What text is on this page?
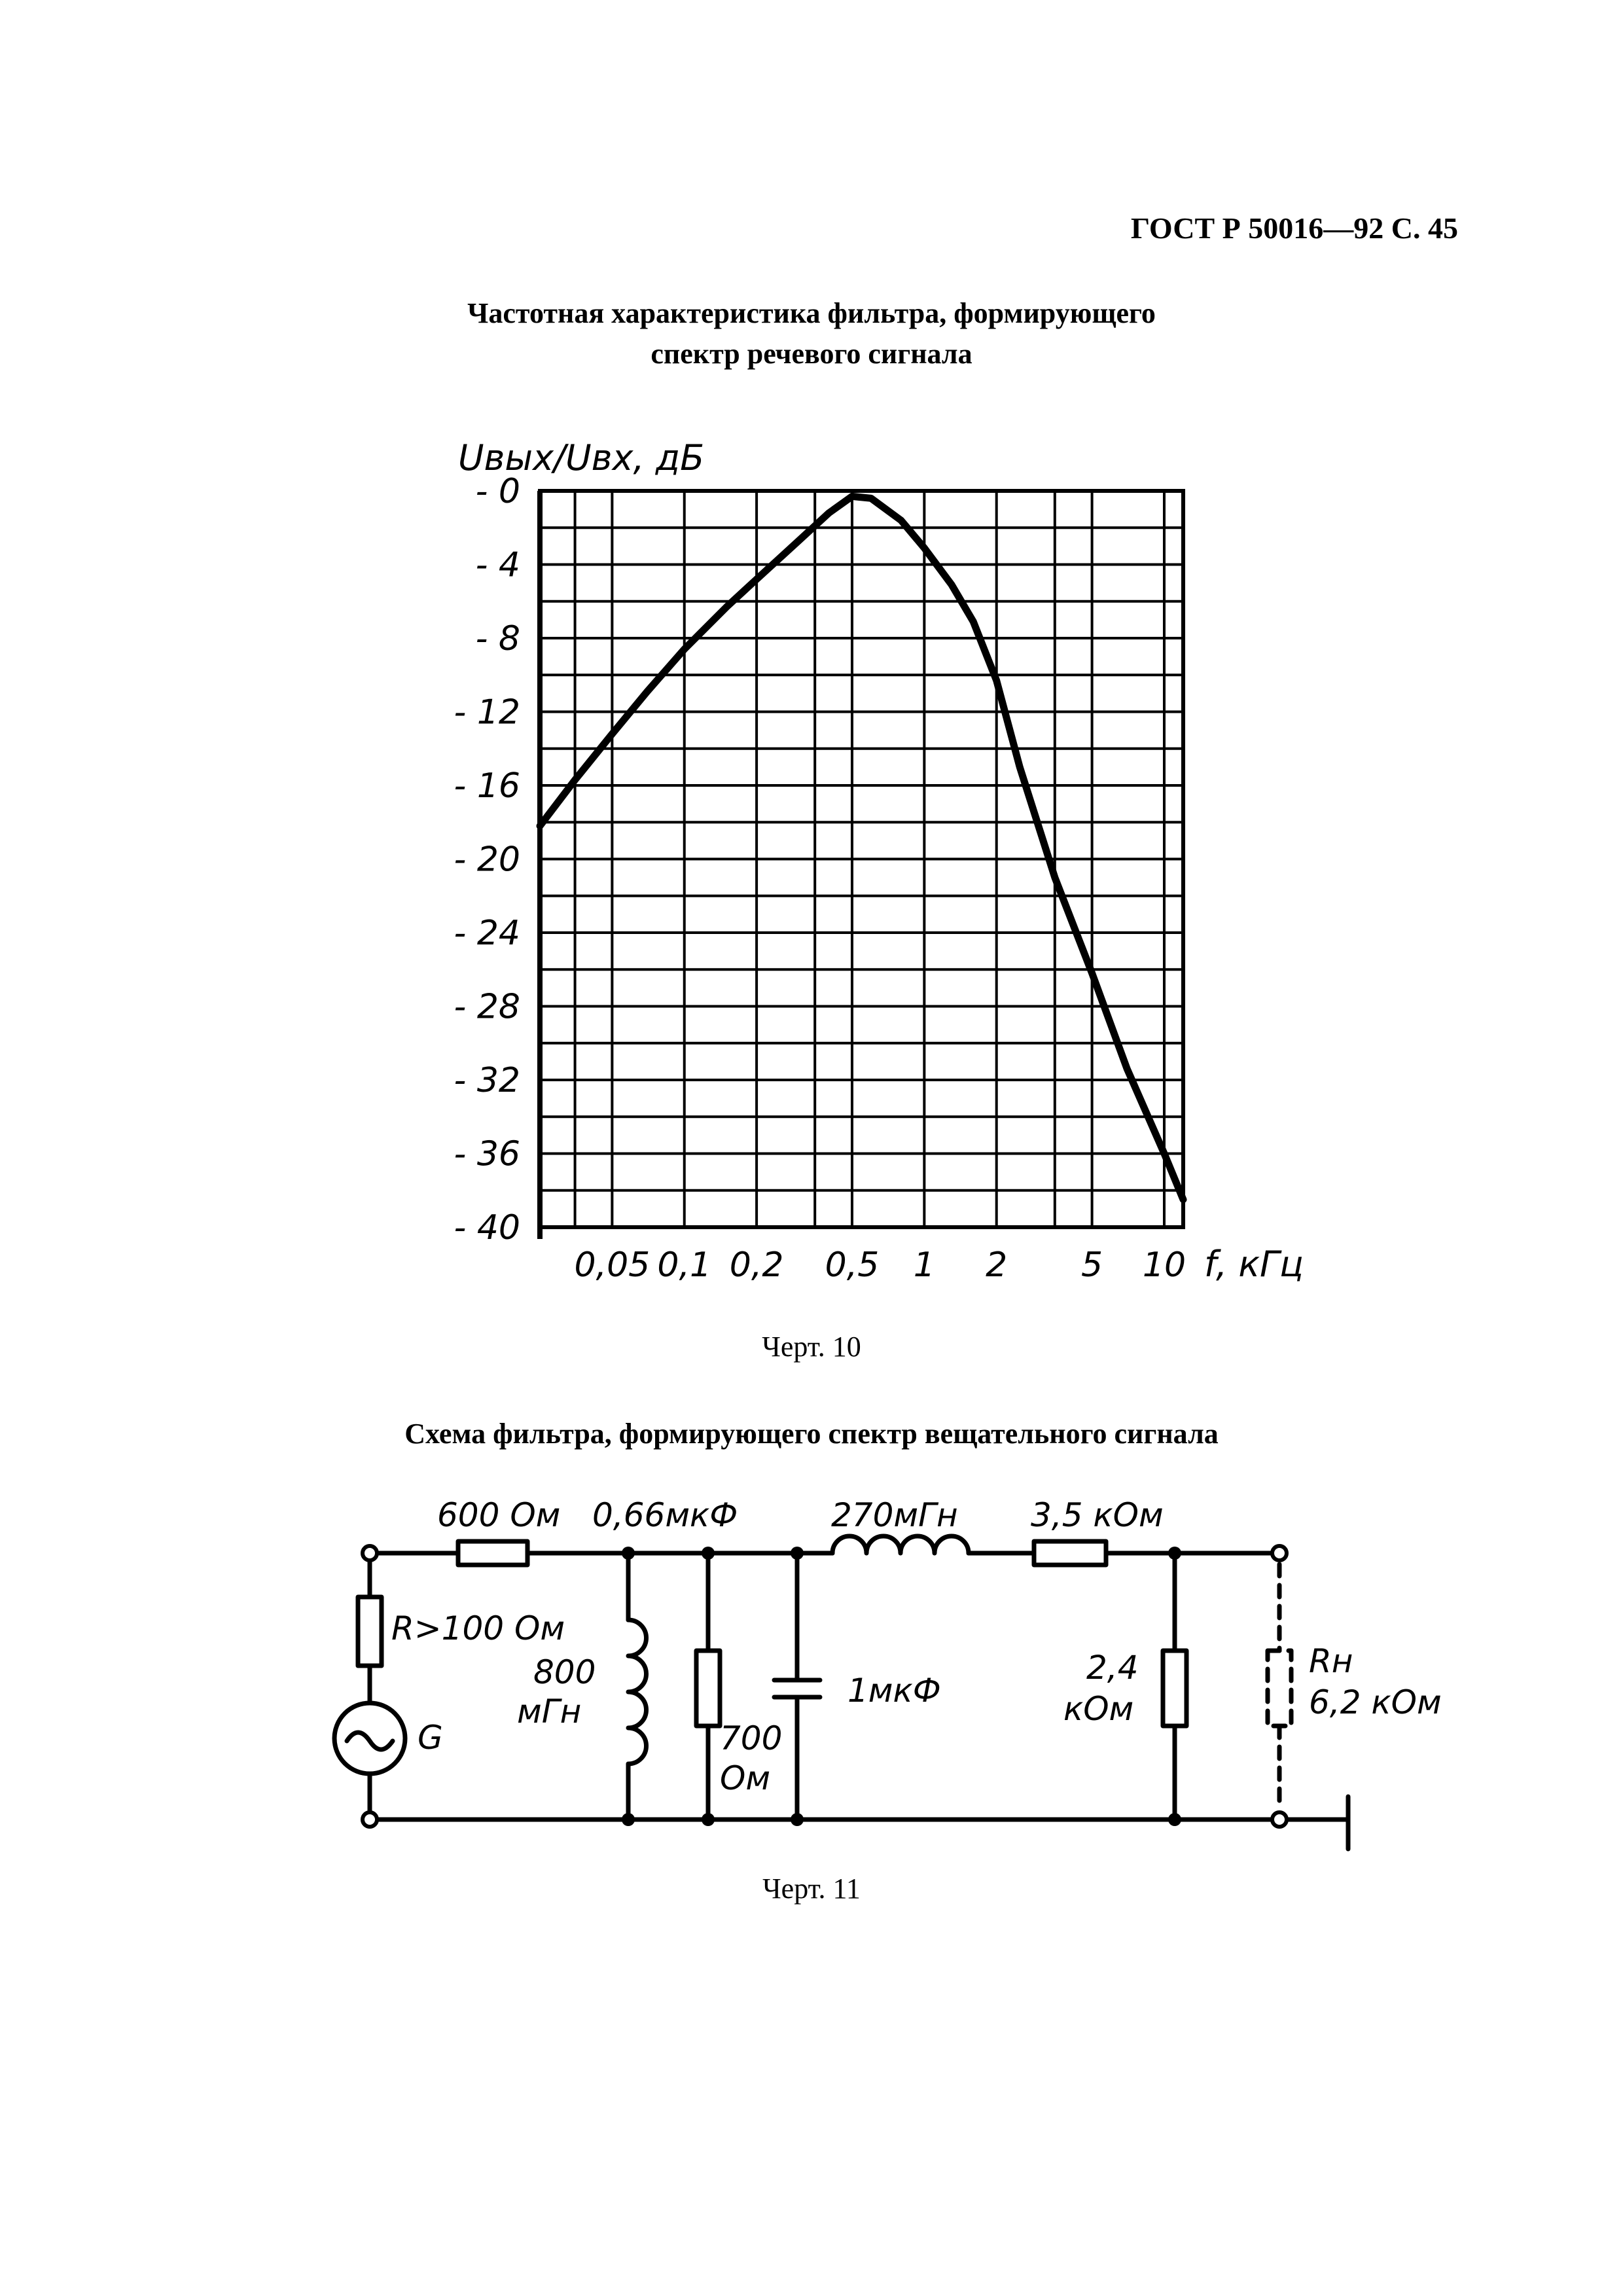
ГОСТ Р 50016—92 С. 45
Частотная характеристика фильтра, формирующего
спектр речевого сигнала
- 0
- 4
- 8
- 12
- 16
- 20
- 24
- 28
- 32
- 36
- 40
0,05 0,1 0,2 0,5 1 2 5 10
Uвых/Uвх, дБ
f, кГц
Черт. 10
Схема фильтра, формирующего спектр вещательного сигнала
600 Ом 0,66мкФ	270мГн 3,5 кОм
R>100 Ом
G
800
мГн
700
Ом
1мкФ
2,4
кОм
Rн
6,2 кОм
Черт. 11
